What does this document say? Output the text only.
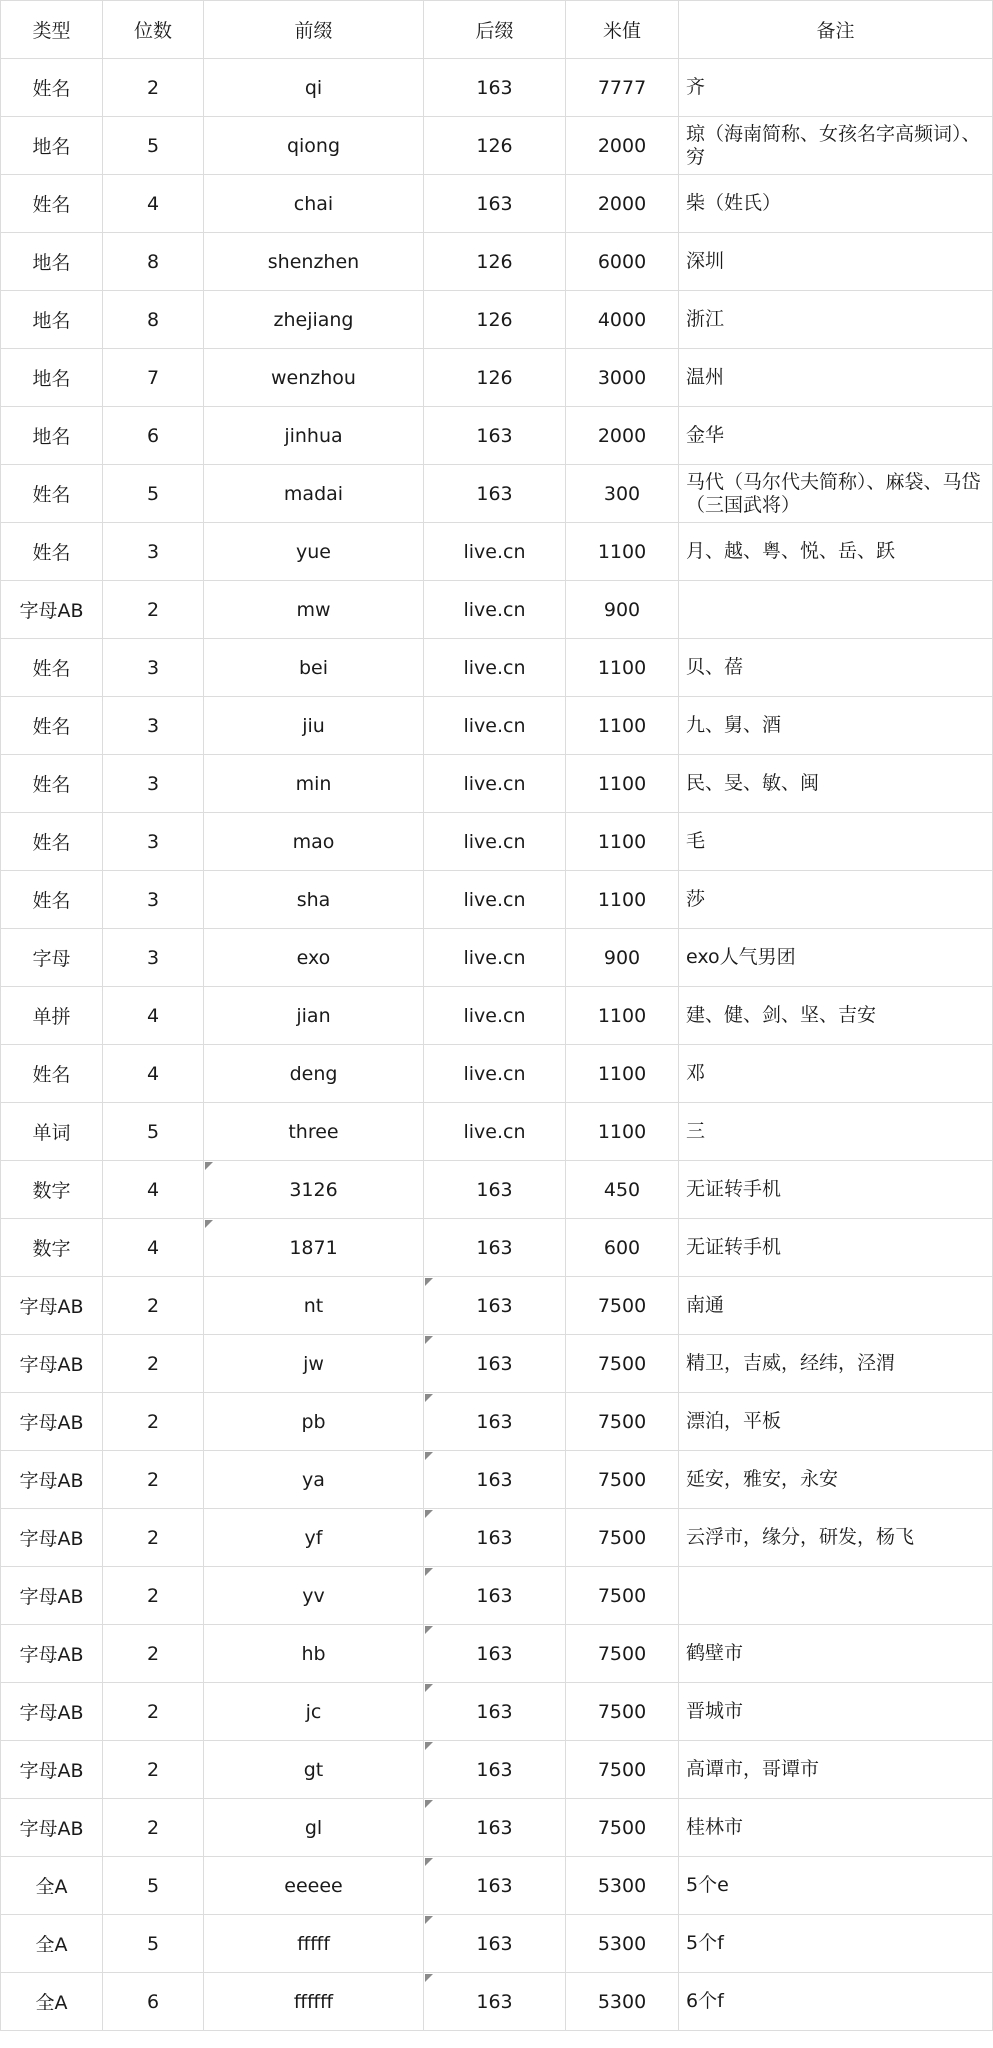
类型	位数	前缀	后缀	米值	备注
姓名	2	qi	163	7777	齐
地名	5	qiong	126	2000	琼（海南简称、女孩名字高频词）、穷
姓名	4	chai	163	2000	柴（姓氏）
地名	8	shenzhen	126	6000	深圳
地名	8	zhejiang	126	4000	浙江
地名	7	wenzhou	126	3000	温州
地名	6	jinhua	163	2000	金华
姓名	5	madai	163	300	马代（马尔代夫简称）、麻袋、马岱（三国武将）
姓名	3	yue	live.cn	1100	月、越、粤、悦、岳、跃
字母AB	2	mw	live.cn	900	
姓名	3	bei	live.cn	1100	贝、蓓
姓名	3	jiu	live.cn	1100	九、舅、酒
姓名	3	min	live.cn	1100	民、旻、敏、闽
姓名	3	mao	live.cn	1100	毛
姓名	3	sha	live.cn	1100	莎
字母	3	exo	live.cn	900	exo人气男团
单拼	4	jian	live.cn	1100	建、健、剑、坚、吉安
姓名	4	deng	live.cn	1100	邓
单词	5	three	live.cn	1100	三
数字	4	3126	163	450	无证转手机
数字	4	1871	163	600	无证转手机
字母AB	2	nt	163	7500	南通
字母AB	2	jw	163	7500	精卫，吉威，经纬，泾渭
字母AB	2	pb	163	7500	漂泊，平板
字母AB	2	ya	163	7500	延安，雅安，永安
字母AB	2	yf	163	7500	云浮市，缘分，研发，杨飞
字母AB	2	yv	163	7500	
字母AB	2	hb	163	7500	鹤壁市
字母AB	2	jc	163	7500	晋城市
字母AB	2	gt	163	7500	高谭市，哥谭市
字母AB	2	gl	163	7500	桂林市
全A	5	eeeee	163	5300	5个e
全A	5	fffff	163	5300	5个f
全A	6	ffffff	163	5300	6个f
